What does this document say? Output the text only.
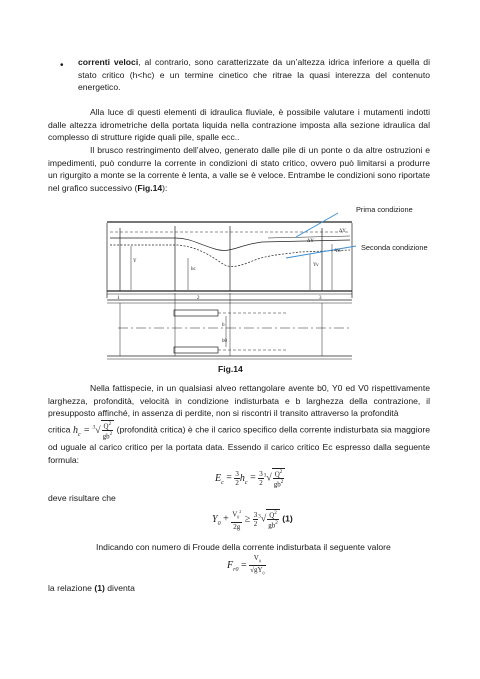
• correnti veloci, al contrario, sono caratterizzate da un’altezza idrica inferiore a quella di stato critico (h<hc) e un termine cinetico che ritrae la quasi interezza del contenuto energetico.
Alla luce di questi elementi di idraulica fluviale, è possibile valutare i mutamenti indotti dalle altezza idrometriche della portata liquida nella contrazione imposta alla sezione idraulica dal complesso di strutture rigide quali pile, spalle ecc..
Il brusco restringimento dell’alveo, generato dalle pile di un ponte o da altre ostruzioni e impedimenti, può condurre la corrente in condizioni di stato critico, ovvero può limitarsi a produrre un rigurgito a monte se la corrente è lenta, a valle se è veloce. Entrambe le condizioni sono riportate nel grafico successivo (Fig.14):
1	2	3
ΔY
ΔY
Yo
hc
Y
Yv
b
b0
Prima condizione
Seconda condizione
Fig.14
Nella fattispecie, in un qualsiasi alveo rettangolare avente b0, Y0 ed V0 rispettivamente larghezza, profondità, velocità in condizione indisturbata e b larghezza della contrazione, il presupposto affinché, in assenza di perdite, non si riscontri il transito attraverso la profondità
critica $h_c = ^3√ \frac{Q^2}{gb^2}$ (profondità critica) è che il carico specifico della corrente indisturbata sia maggiore od uguale al carico critico per la portata data. Essendo il carico critico Ec espresso dalla seguente formula:
$E_c = \frac{3}{2} h_c = \frac{3}{2} ^3√ \frac{Q^2}{gb^2}$
deve risultare che
$Y_0 + \frac{V_0^2}{2g} \ge \frac{3}{2} ^3√ \frac{Q^2}{gb^2} (1)$
Indicando con numero di Froude della corrente indisturbata il seguente valore
$F_{r0} = \frac{V_0}{√gY_0}$
la relazione (1) diventa
